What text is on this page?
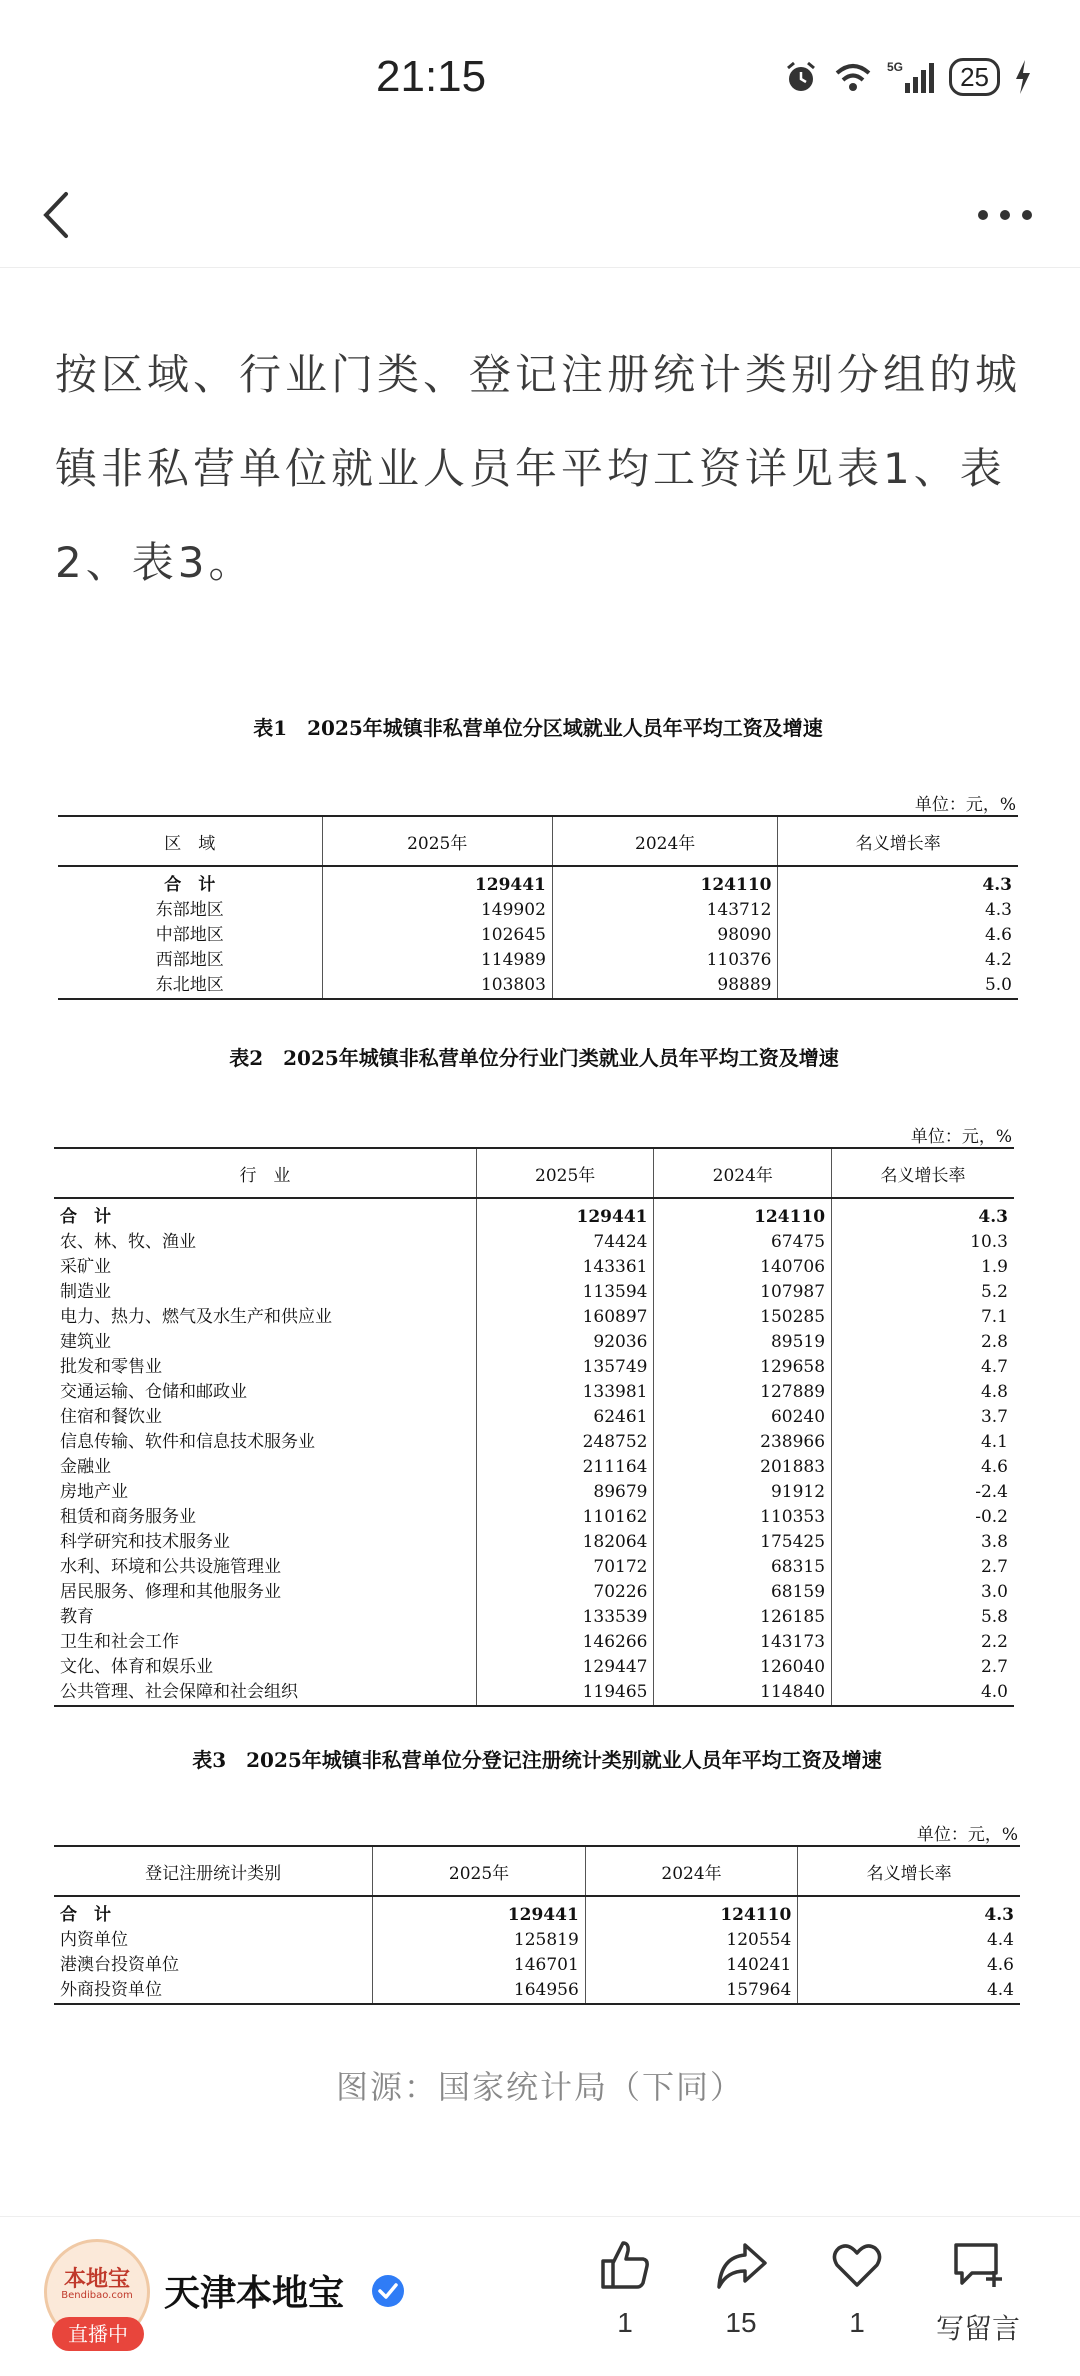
21:15	5G	25
按区域、行业门类、登记注册统计类别分组的城镇非私营单位就业人员年平均工资详见表1、表2、表3。
表1　2025年城镇非私营单位分区域就业人员年平均工资及增速
单位：元，%
区　域	2025年	2024年	名义增长率
合　计	129441	124110	4.3
东部地区	149902	143712	4.3
中部地区	102645	98090	4.6
西部地区	114989	110376	4.2
东北地区	103803	98889	5.0
表2　2025年城镇非私营单位分行业门类就业人员年平均工资及增速
单位：元，%
行　业	2025年	2024年	名义增长率
合　计	129441	124110	4.3
农、林、牧、渔业	74424	67475	10.3
采矿业	143361	140706	1.9
制造业	113594	107987	5.2
电力、热力、燃气及水生产和供应业	160897	150285	7.1
建筑业	92036	89519	2.8
批发和零售业	135749	129658	4.7
交通运输、仓储和邮政业	133981	127889	4.8
住宿和餐饮业	62461	60240	3.7
信息传输、软件和信息技术服务业	248752	238966	4.1
金融业	211164	201883	4.6
房地产业	89679	91912	-2.4
租赁和商务服务业	110162	110353	-0.2
科学研究和技术服务业	182064	175425	3.8
水利、环境和公共设施管理业	70172	68315	2.7
居民服务、修理和其他服务业	70226	68159	3.0
教育	133539	126185	5.8
卫生和社会工作	146266	143173	2.2
文化、体育和娱乐业	129447	126040	2.7
公共管理、社会保障和社会组织	119465	114840	4.0
表3　2025年城镇非私营单位分登记注册统计类别就业人员年平均工资及增速
单位：元，%
登记注册统计类别	2025年	2024年	名义增长率
合　计	129441	124110	4.3
内资单位	125819	120554	4.4
港澳台投资单位	146701	140241	4.6
外商投资单位	164956	157964	4.4
图源：国家统计局（下同）
本地宝
Bendibao.com
直播中
天津本地宝
1	15	1	写留言
